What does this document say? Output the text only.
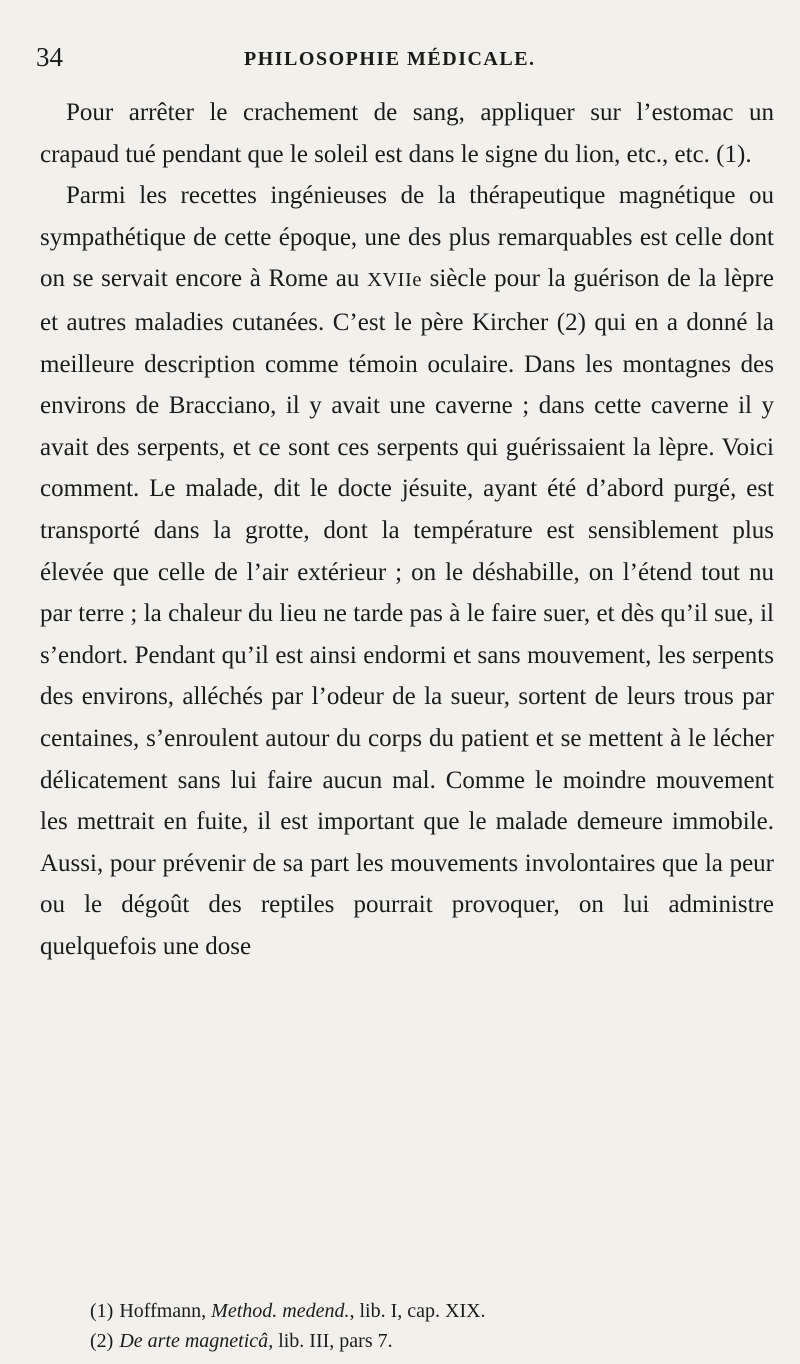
34	PHILOSOPHIE MÉDICALE.

Pour arrêter le crachement de sang, appliquer sur l’estomac un crapaud tué pendant que le soleil est dans le signe du lion, etc., etc. (1).

Parmi les recettes ingénieuses de la thérapeutique magnétique ou sympathétique de cette époque, une des plus remarquables est celle dont on se servait encore à Rome au XVIIe siècle pour la guérison de la lèpre et autres maladies cutanées. C’est le père Kircher (2) qui en a donné la meilleure description comme témoin oculaire. Dans les montagnes des environs de Bracciano, il y avait une caverne ; dans cette caverne il y avait des serpents, et ce sont ces serpents qui guérissaient la lèpre. Voici comment. Le malade, dit le docte jésuite, ayant été d’abord purgé, est transporté dans la grotte, dont la température est sensiblement plus élevée que celle de l’air extérieur ; on le déshabille, on l’étend tout nu par terre ; la chaleur du lieu ne tarde pas à le faire suer, et dès qu’il sue, il s’endort. Pendant qu’il est ainsi endormi et sans mouvement, les serpents des environs, alléchés par l’odeur de la sueur, sortent de leurs trous par centaines, s’enroulent autour du corps du patient et se mettent à le lécher délicatement sans lui faire aucun mal. Comme le moindre mouvement les mettrait en fuite, il est important que le malade demeure immobile. Aussi, pour prévenir de sa part les mouvements involontaires que la peur ou le dégoût des reptiles pourrait provoquer, on lui administre quelquefois une dose

(1) Hoffmann, Method. medend., lib. I, cap. XIX.
(2) De arte magneticâ, lib. III, pars 7.
